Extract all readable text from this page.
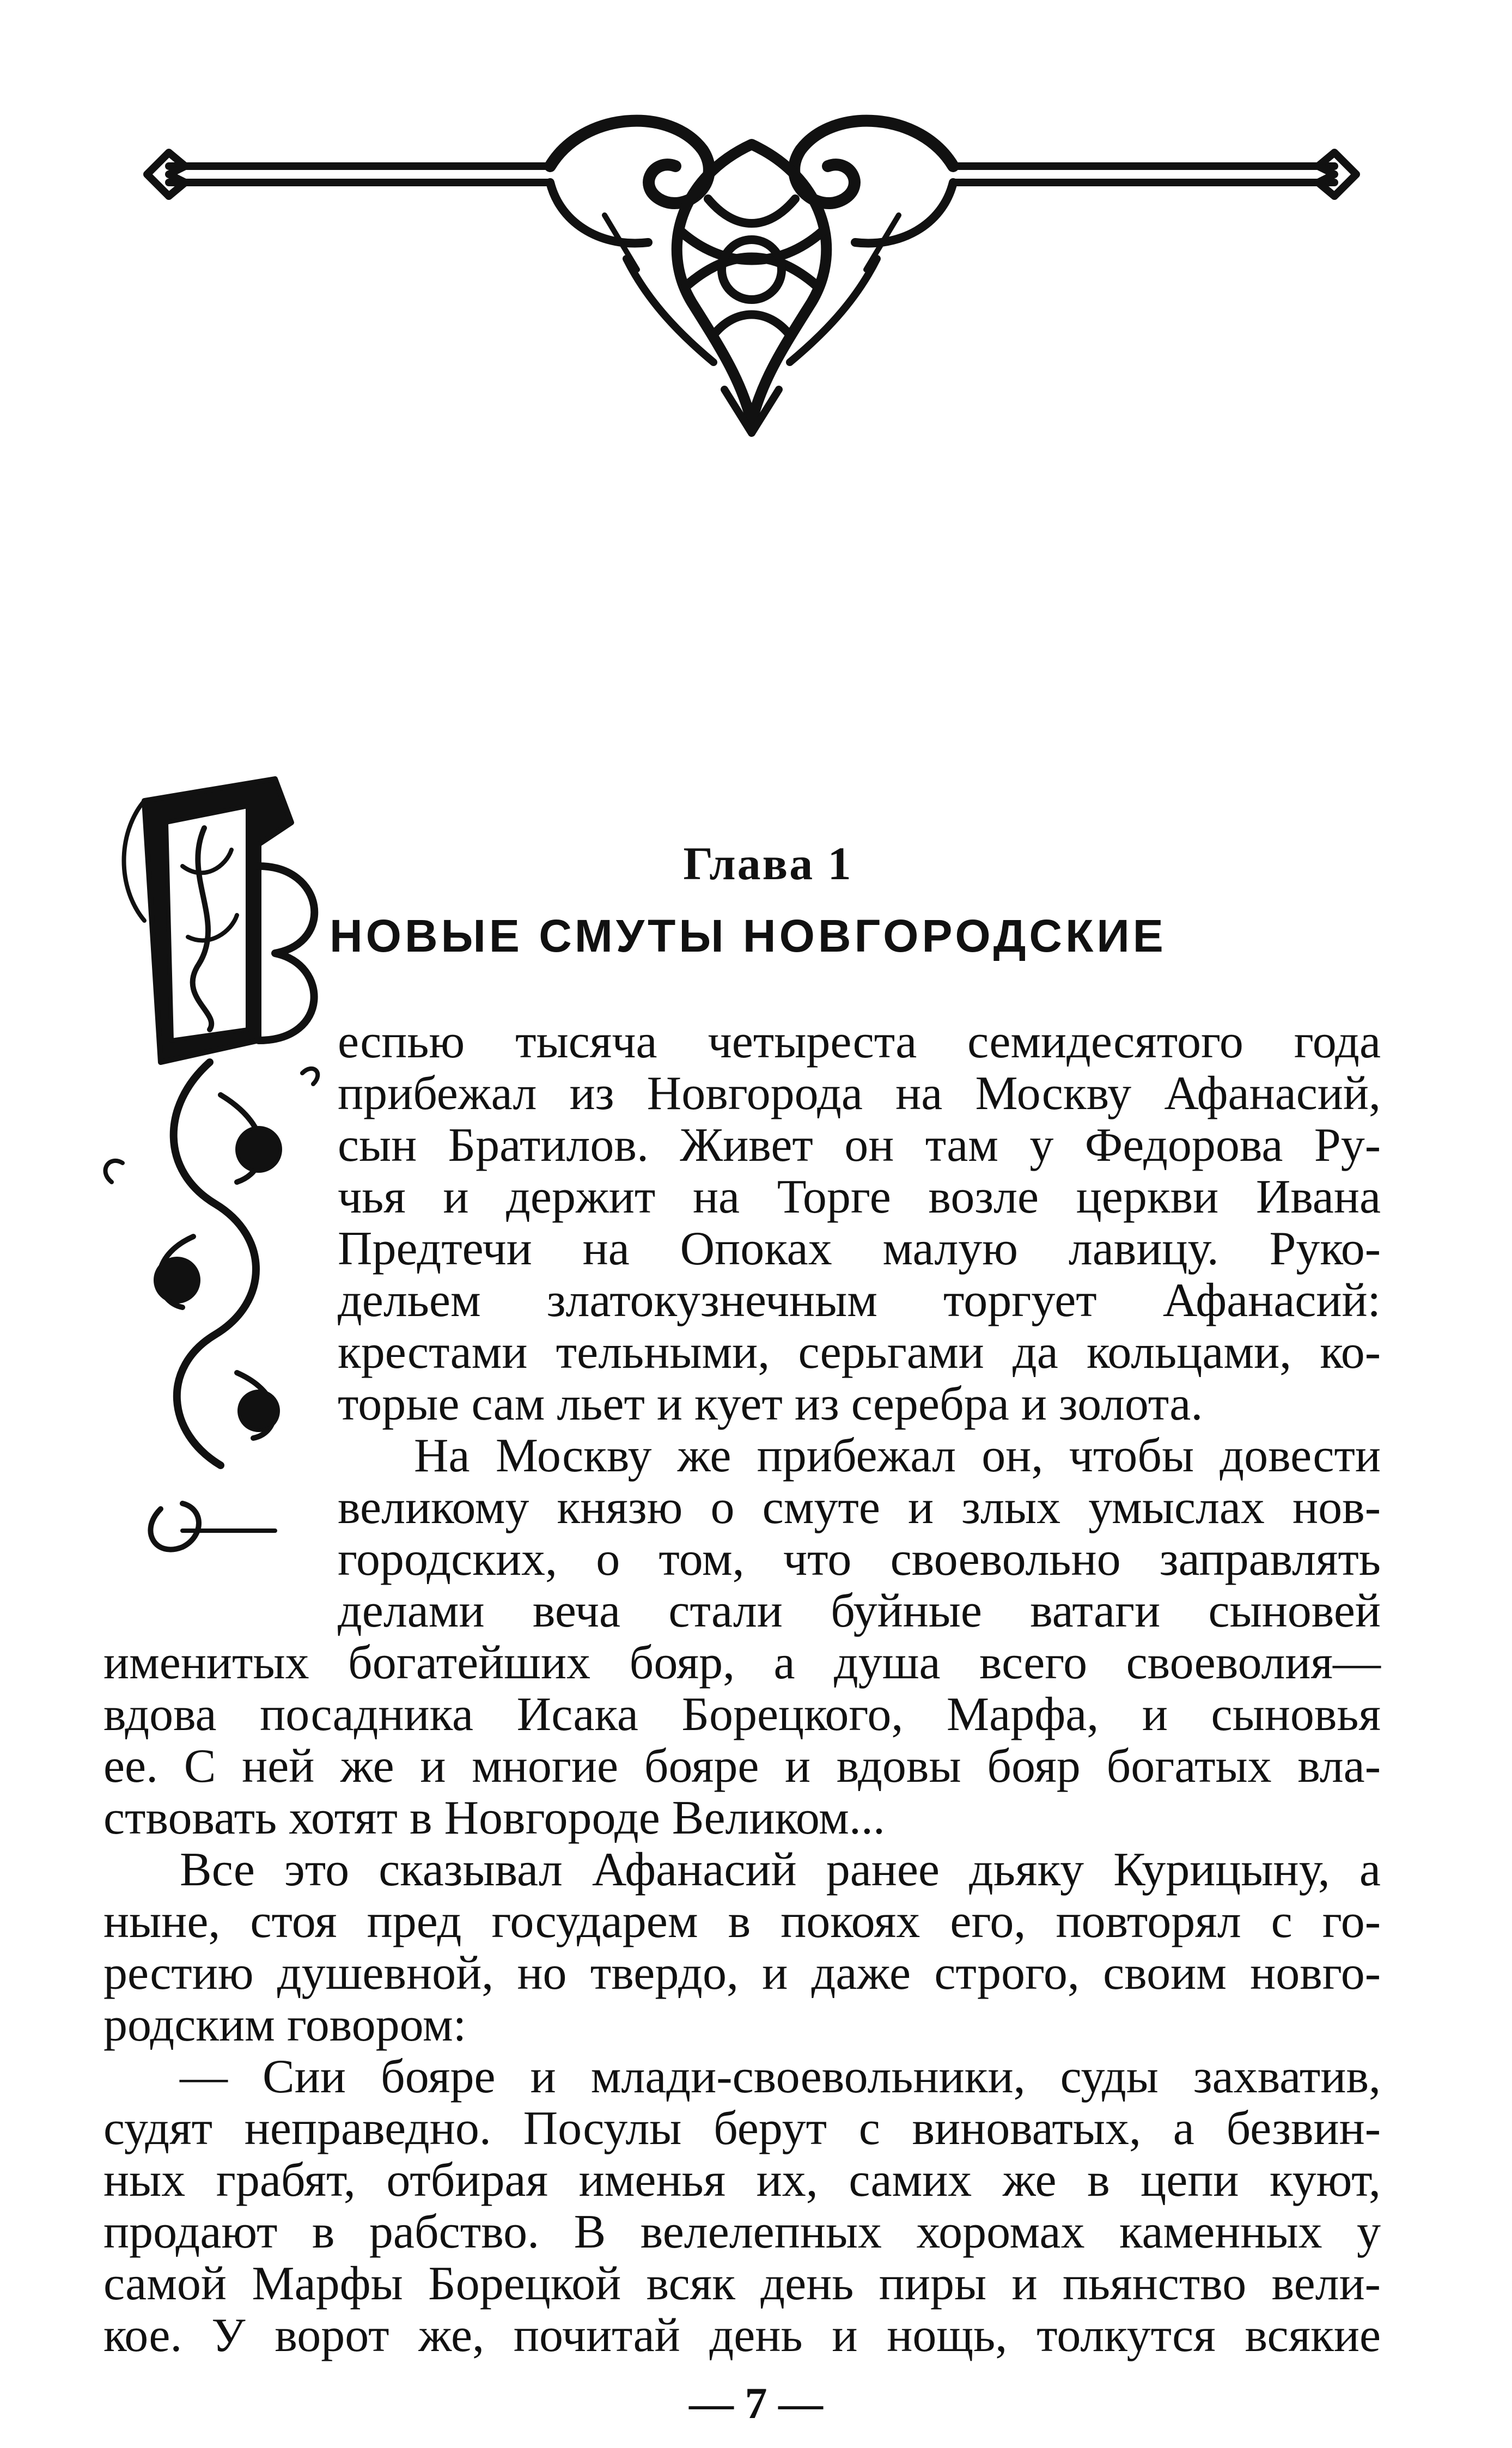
Глава 1
НОВЫЕ СМУТЫ НОВГОРОДСКИЕ
еспью тысяча четыреста семидесятого года
прибежал из Новгорода на Москву Афанасий,
сын Братилов. Живет он там у Федорова Ру-
чья и держит на Торге возле церкви Ивана
Предтечи на Опоках малую лавицу. Руко-
дельем златокузнечным торгует Афанасий:
крестами тельными, серьгами да кольцами, ко-
торые сам льет и кует из серебра и золота.
На Москву же прибежал он, чтобы довести
великому князю о смуте и злых умыслах нов-
городских, о том, что своевольно заправлять
делами веча стали буйные ватаги сыновей
именитых богатейших бояр, а душа всего своеволия—
вдова посадника Исака Борецкого, Марфа, и сыновья
ее. С ней же и многие бояре и вдовы бояр богатых вла-
ствовать хотят в Новгороде Великом...
Все это сказывал Афанасий ранее дьяку Курицыну, а
ныне, стоя пред государем в покоях его, повторял с го-
рестию душевной, но твердо, и даже строго, своим новго-
родским говором:
— Сии бояре и млади-своевольники, суды захватив,
судят неправедно. Посулы берут с виноватых, а безвин-
ных грабят, отбирая именья их, самих же в цепи куют,
продают в рабство. В велелепных хоромах каменных у
самой Марфы Борецкой всяк день пиры и пьянство вели-
кое. У ворот же, почитай день и нощь, толкутся всякие
— 7 —
